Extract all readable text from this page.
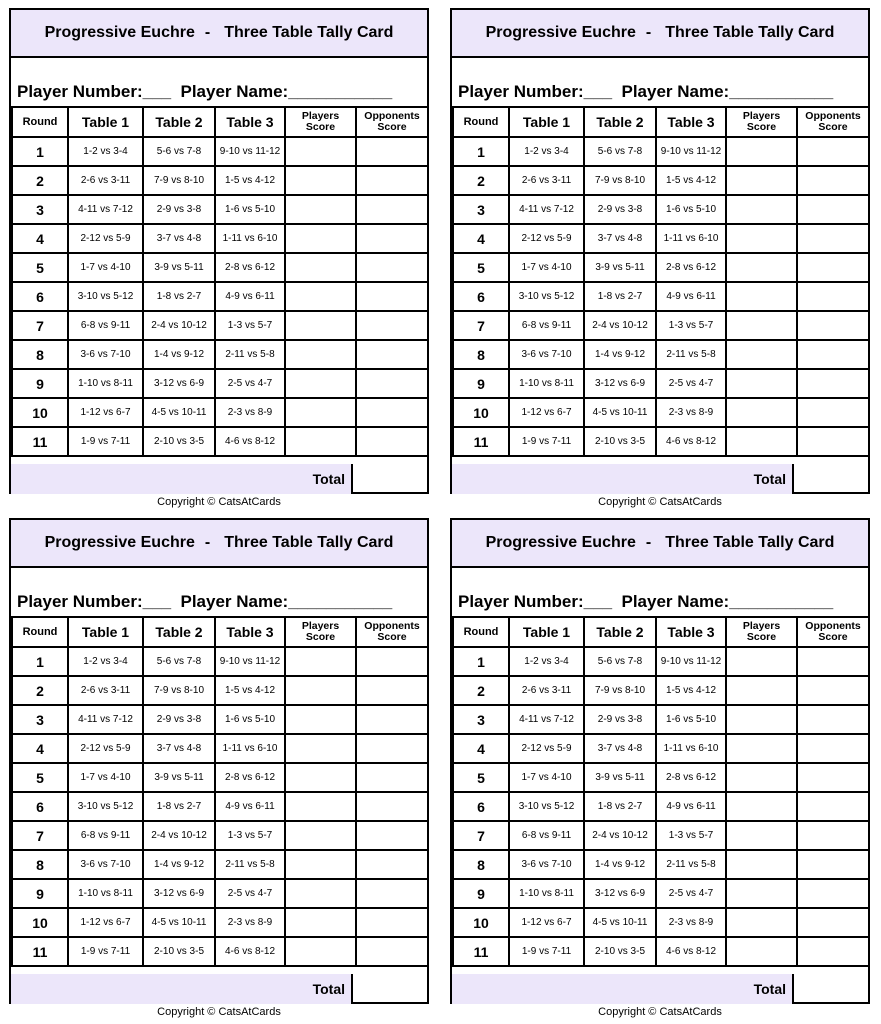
Progressive Euchre - Three Table Tally Card
Player Number:___ Player Name:___________
Round	Table 1	Table 2	Table 3	Players Score	Opponents Score
1	1-2 vs 3-4	5-6 vs 7-8	9-10 vs 11-12		
2	2-6 vs 3-11	7-9 vs 8-10	1-5 vs 4-12		
3	4-11 vs 7-12	2-9 vs 3-8	1-6 vs 5-10		
4	2-12 vs 5-9	3-7 vs 4-8	1-11 vs 6-10		
5	1-7 vs 4-10	3-9 vs 5-11	2-8 vs 6-12		
6	3-10 vs 5-12	1-8 vs 2-7	4-9 vs 6-11		
7	6-8 vs 9-11	2-4 vs 10-12	1-3 vs 5-7		
8	3-6 vs 7-10	1-4 vs 9-12	2-11 vs 5-8		
9	1-10 vs 8-11	3-12 vs 6-9	2-5 vs 4-7		
10	1-12 vs 6-7	4-5 vs 10-11	2-3 vs 8-9		
11	1-9 vs 7-11	2-10 vs 3-5	4-6 vs 8-12		
Total
Copyright © CatsAtCards
Progressive Euchre - Three Table Tally Card
Player Number:___ Player Name:___________
Round	Table 1	Table 2	Table 3	Players Score	Opponents Score
1	1-2 vs 3-4	5-6 vs 7-8	9-10 vs 11-12		
2	2-6 vs 3-11	7-9 vs 8-10	1-5 vs 4-12		
3	4-11 vs 7-12	2-9 vs 3-8	1-6 vs 5-10		
4	2-12 vs 5-9	3-7 vs 4-8	1-11 vs 6-10		
5	1-7 vs 4-10	3-9 vs 5-11	2-8 vs 6-12		
6	3-10 vs 5-12	1-8 vs 2-7	4-9 vs 6-11		
7	6-8 vs 9-11	2-4 vs 10-12	1-3 vs 5-7		
8	3-6 vs 7-10	1-4 vs 9-12	2-11 vs 5-8		
9	1-10 vs 8-11	3-12 vs 6-9	2-5 vs 4-7		
10	1-12 vs 6-7	4-5 vs 10-11	2-3 vs 8-9		
11	1-9 vs 7-11	2-10 vs 3-5	4-6 vs 8-12		
Total
Copyright © CatsAtCards
Progressive Euchre - Three Table Tally Card
Player Number:___ Player Name:___________
Round	Table 1	Table 2	Table 3	Players Score	Opponents Score
1	1-2 vs 3-4	5-6 vs 7-8	9-10 vs 11-12		
2	2-6 vs 3-11	7-9 vs 8-10	1-5 vs 4-12		
3	4-11 vs 7-12	2-9 vs 3-8	1-6 vs 5-10		
4	2-12 vs 5-9	3-7 vs 4-8	1-11 vs 6-10		
5	1-7 vs 4-10	3-9 vs 5-11	2-8 vs 6-12		
6	3-10 vs 5-12	1-8 vs 2-7	4-9 vs 6-11		
7	6-8 vs 9-11	2-4 vs 10-12	1-3 vs 5-7		
8	3-6 vs 7-10	1-4 vs 9-12	2-11 vs 5-8		
9	1-10 vs 8-11	3-12 vs 6-9	2-5 vs 4-7		
10	1-12 vs 6-7	4-5 vs 10-11	2-3 vs 8-9		
11	1-9 vs 7-11	2-10 vs 3-5	4-6 vs 8-12		
Total
Copyright © CatsAtCards
Progressive Euchre - Three Table Tally Card
Player Number:___ Player Name:___________
Round	Table 1	Table 2	Table 3	Players Score	Opponents Score
1	1-2 vs 3-4	5-6 vs 7-8	9-10 vs 11-12		
2	2-6 vs 3-11	7-9 vs 8-10	1-5 vs 4-12		
3	4-11 vs 7-12	2-9 vs 3-8	1-6 vs 5-10		
4	2-12 vs 5-9	3-7 vs 4-8	1-11 vs 6-10		
5	1-7 vs 4-10	3-9 vs 5-11	2-8 vs 6-12		
6	3-10 vs 5-12	1-8 vs 2-7	4-9 vs 6-11		
7	6-8 vs 9-11	2-4 vs 10-12	1-3 vs 5-7		
8	3-6 vs 7-10	1-4 vs 9-12	2-11 vs 5-8		
9	1-10 vs 8-11	3-12 vs 6-9	2-5 vs 4-7		
10	1-12 vs 6-7	4-5 vs 10-11	2-3 vs 8-9		
11	1-9 vs 7-11	2-10 vs 3-5	4-6 vs 8-12		
Total
Copyright © CatsAtCards
